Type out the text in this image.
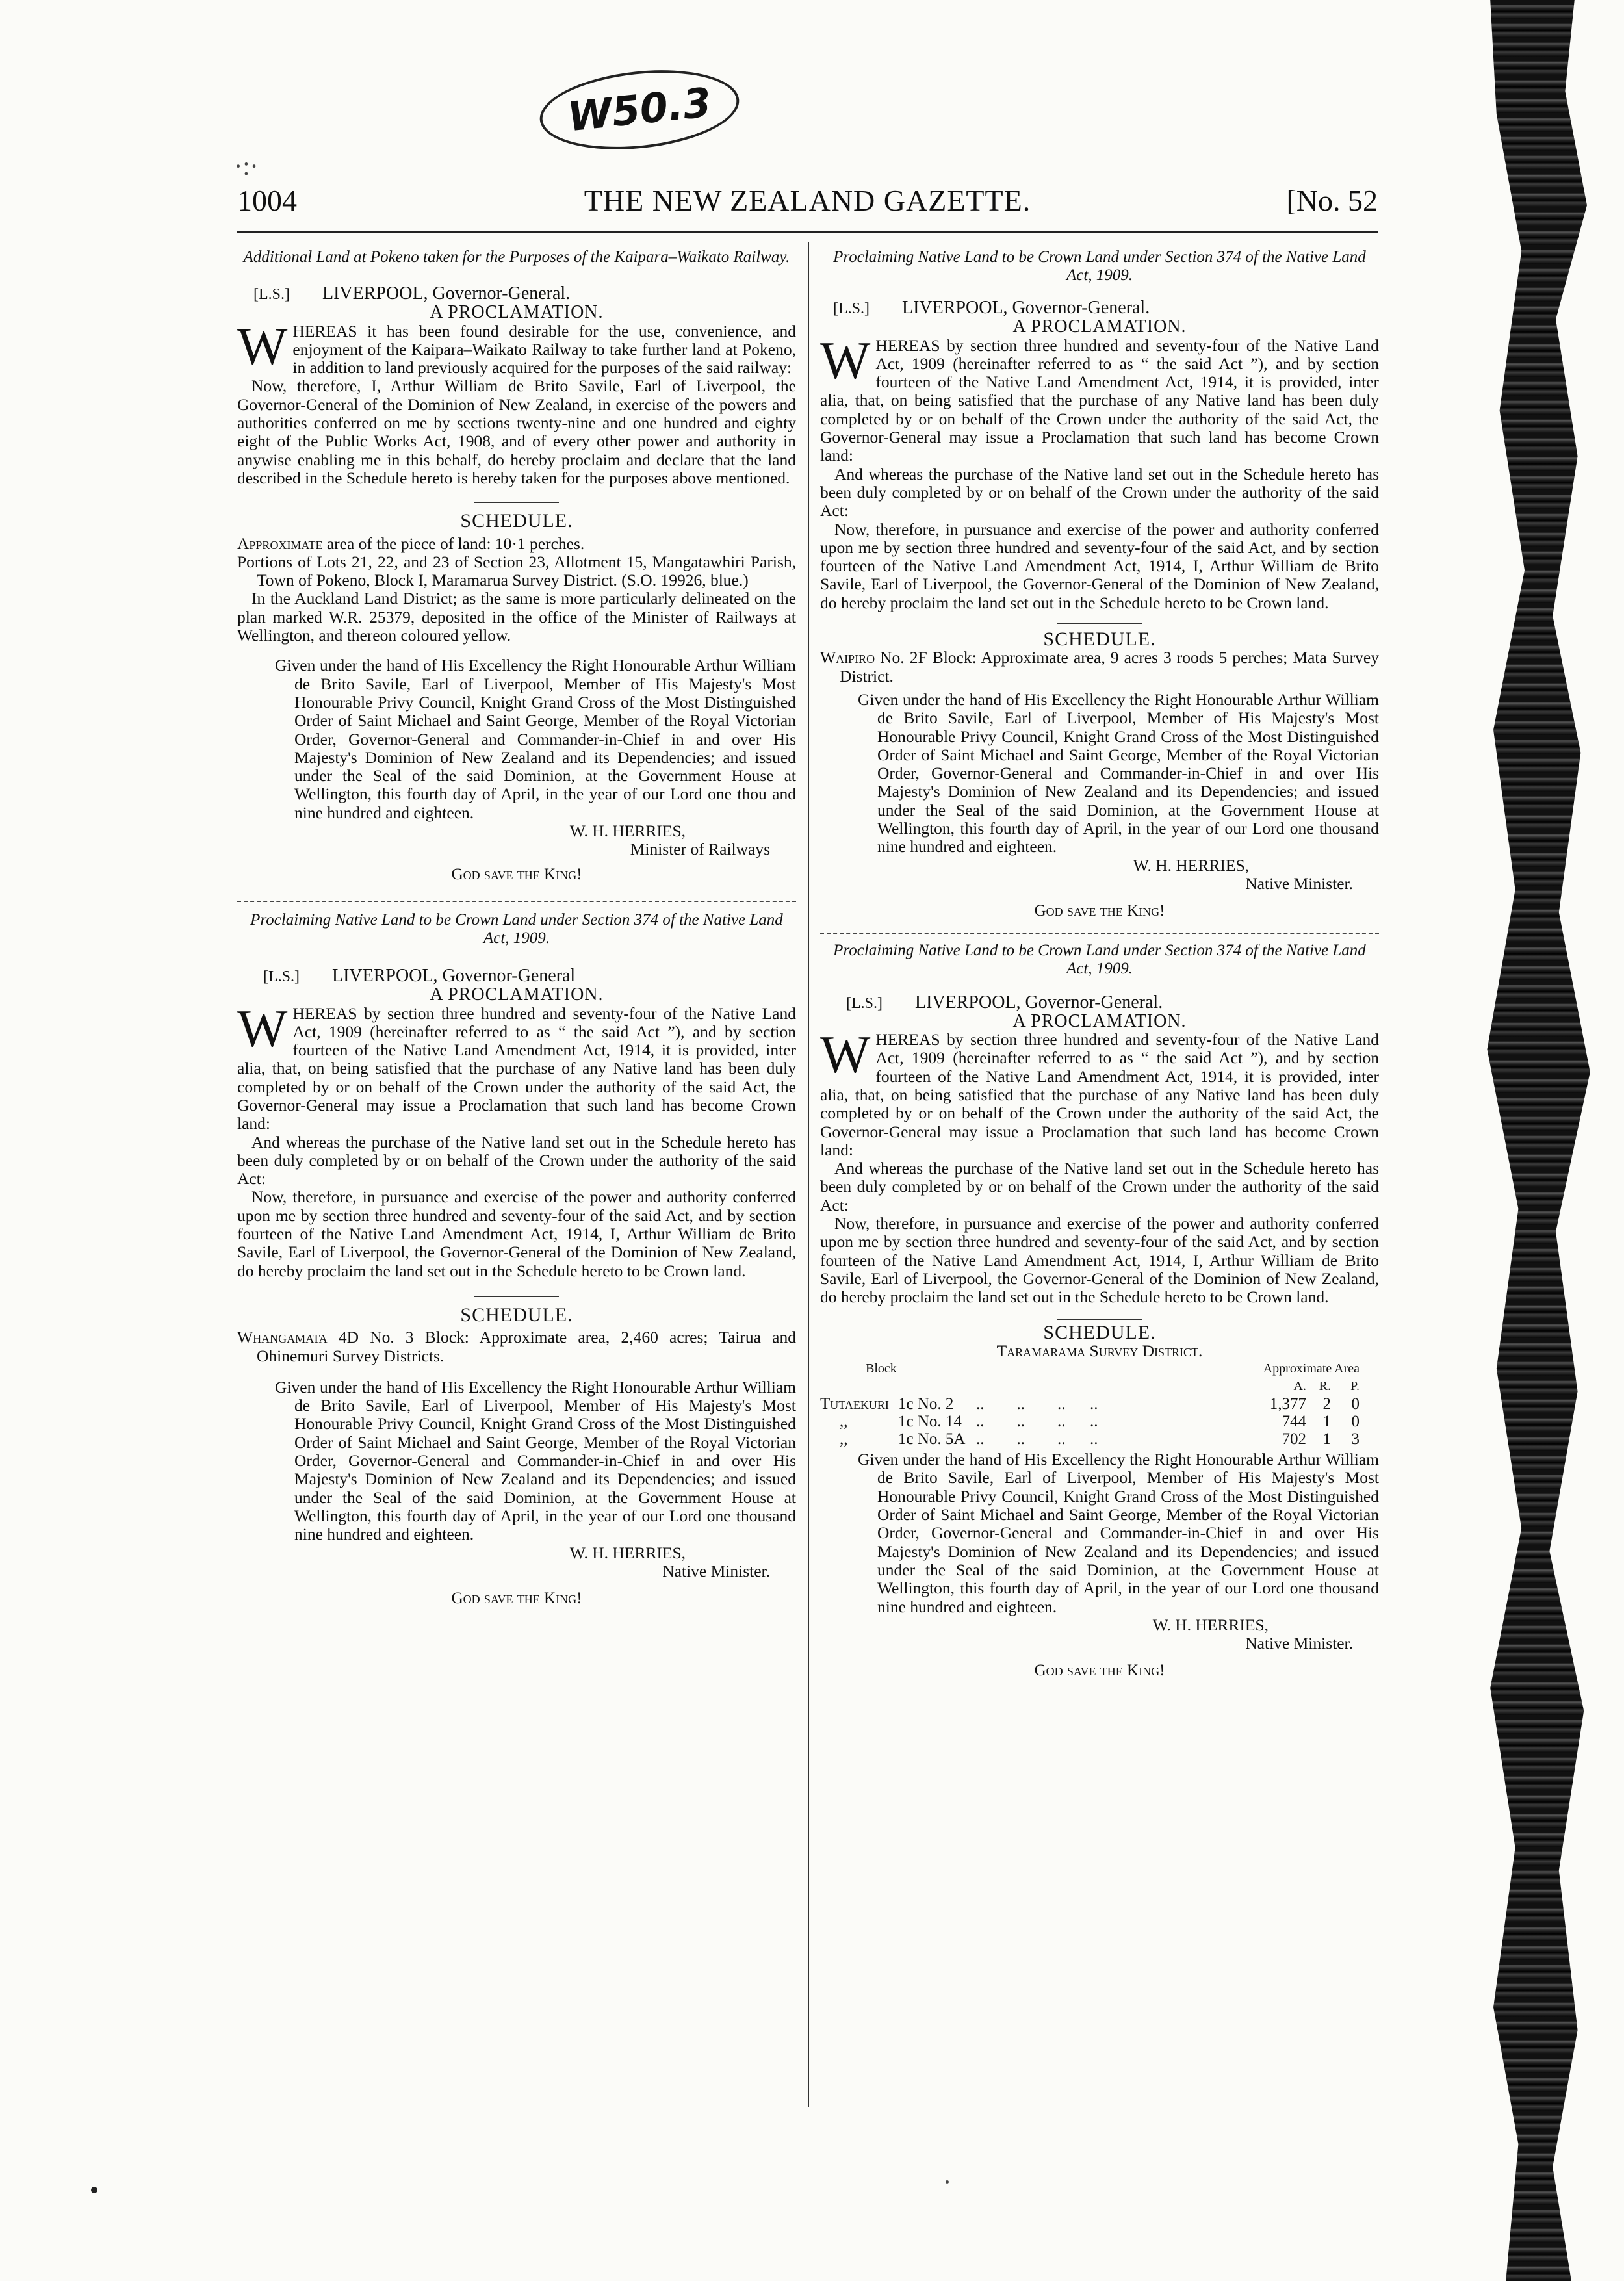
W50.3
·:·
1004	THE NEW ZEALAND GAZETTE.	[No. 52

Additional Land at Pokeno taken for the Purposes of the Kaipara–Waikato Railway.

[L.S.] LIVERPOOL, Governor-General.

A PROCLAMATION.

WHEREAS it has been found desirable for the use, convenience, and enjoyment of the Kaipara–Waikato Railway to take further land at Pokeno, in addition to land previously acquired for the purposes of the said railway:

Now, therefore, I, Arthur William de Brito Savile, Earl of Liverpool, the Governor-General of the Dominion of New Zealand, in exercise of the powers and authorities conferred on me by sections twenty-nine and one hundred and eighty eight of the Public Works Act, 1908, and of every other power and authority in anywise enabling me in this behalf, do hereby proclaim and declare that the land described in the Schedule hereto is hereby taken for the purposes above mentioned.

SCHEDULE.

Approximate area of the piece of land: 10·1 perches.

Portions of Lots 21, 22, and 23 of Section 23, Allotment 15, Mangatawhiri Parish, Town of Pokeno, Block I, Maramarua Survey District. (S.O. 19926, blue.)

In the Auckland Land District; as the same is more particularly delineated on the plan marked W.R. 25379, deposited in the office of the Minister of Railways at Wellington, and thereon coloured yellow.

Given under the hand of His Excellency the Right Honourable Arthur William de Brito Savile, Earl of Liverpool, Member of His Majesty's Most Honourable Privy Council, Knight Grand Cross of the Most Distinguished Order of Saint Michael and Saint George, Member of the Royal Victorian Order, Governor-General and Commander-in-Chief in and over His Majesty's Dominion of New Zealand and its Dependencies; and issued under the Seal of the said Dominion, at the Government House at Wellington, this fourth day of April, in the year of our Lord one thou and nine hundred and eighteen.

W. H. HERRIES,

Minister of Railways

God save the King!

Proclaiming Native Land to be Crown Land under Section 374 of the Native Land Act, 1909.

[L.S.] LIVERPOOL, Governor-General

A PROCLAMATION.

WHEREAS by section three hundred and seventy-four of the Native Land Act, 1909 (hereinafter referred to as “ the said Act ”), and by section fourteen of the Native Land Amendment Act, 1914, it is provided, inter alia, that, on being satisfied that the purchase of any Native land has been duly completed by or on behalf of the Crown under the authority of the said Act, the Governor-General may issue a Proclamation that such land has become Crown land:

And whereas the purchase of the Native land set out in the Schedule hereto has been duly completed by or on behalf of the Crown under the authority of the said Act:

Now, therefore, in pursuance and exercise of the power and authority conferred upon me by section three hundred and seventy-four of the said Act, and by section fourteen of the Native Land Amendment Act, 1914, I, Arthur William de Brito Savile, Earl of Liverpool, the Governor-General of the Dominion of New Zealand, do hereby proclaim the land set out in the Schedule hereto to be Crown land.

SCHEDULE.

Whangamata 4D No. 3 Block: Approximate area, 2,460 acres; Tairua and Ohinemuri Survey Districts.

Given under the hand of His Excellency the Right Honourable Arthur William de Brito Savile, Earl of Liverpool, Member of His Majesty's Most Honourable Privy Council, Knight Grand Cross of the Most Distinguished Order of Saint Michael and Saint George, Member of the Royal Victorian Order, Governor-General and Commander-in-Chief in and over His Majesty's Dominion of New Zealand and its Dependencies; and issued under the Seal of the said Dominion, at the Government House at Wellington, this fourth day of April, in the year of our Lord one thousand nine hundred and eighteen.

W. H. HERRIES,

Native Minister.

God save the King!

Proclaiming Native Land to be Crown Land under Section 374 of the Native Land Act, 1909.

[L.S.] LIVERPOOL, Governor-General.

A PROCLAMATION.

WHEREAS by section three hundred and seventy-four of the Native Land Act, 1909 (hereinafter referred to as “ the said Act ”), and by section fourteen of the Native Land Amendment Act, 1914, it is provided, inter alia, that, on being satisfied that the purchase of any Native land has been duly completed by or on behalf of the Crown under the authority of the said Act, the Governor-General may issue a Proclamation that such land has become Crown land:

And whereas the purchase of the Native land set out in the Schedule hereto has been duly completed by or on behalf of the Crown under the authority of the said Act:

Now, therefore, in pursuance and exercise of the power and authority conferred upon me by section three hundred and seventy-four of the said Act, and by section fourteen of the Native Land Amendment Act, 1914, I, Arthur William de Brito Savile, Earl of Liverpool, the Governor-General of the Dominion of New Zealand, do hereby proclaim the land set out in the Schedule hereto to be Crown land.

SCHEDULE.

Waipiro No. 2F Block: Approximate area, 9 acres 3 roods 5 perches; Mata Survey District.

Given under the hand of His Excellency the Right Honourable Arthur William de Brito Savile, Earl of Liverpool, Member of His Majesty's Most Honourable Privy Council, Knight Grand Cross of the Most Distinguished Order of Saint Michael and Saint George, Member of the Royal Victorian Order, Governor-General and Commander-in-Chief in and over His Majesty's Dominion of New Zealand and its Dependencies; and issued under the Seal of the said Dominion, at the Government House at Wellington, this fourth day of April, in the year of our Lord one thousand nine hundred and eighteen.

W. H. HERRIES,

Native Minister.

God save the King!

Proclaiming Native Land to be Crown Land under Section 374 of the Native Land Act, 1909.

[L.S.] LIVERPOOL, Governor-General.

A PROCLAMATION.

WHEREAS by section three hundred and seventy-four of the Native Land Act, 1909 (hereinafter referred to as “ the said Act ”), and by section fourteen of the Native Land Amendment Act, 1914, it is provided, inter alia, that, on being satisfied that the purchase of any Native land has been duly completed by or on behalf of the Crown under the authority of the said Act, the Governor-General may issue a Proclamation that such land has become Crown land:

And whereas the purchase of the Native land set out in the Schedule hereto has been duly completed by or on behalf of the Crown under the authority of the said Act:

Now, therefore, in pursuance and exercise of the power and authority conferred upon me by section three hundred and seventy-four of the said Act, and by section fourteen of the Native Land Amendment Act, 1914, I, Arthur William de Brito Savile, Earl of Liverpool, the Governor-General of the Dominion of New Zealand, do hereby proclaim the land set out in the Schedule hereto to be Crown land.

SCHEDULE.

Taramarama Survey District.

Block			Approximate Area		
			A.	R.	P.
Tutaekuri	1c No. 2	..        ..        ..      ..	1,377	2	0
,,	1c No. 14	..        ..        ..      ..	744	1	0
,,	1c No. 5A	..        ..        ..      ..	702	1	3

Given under the hand of His Excellency the Right Honourable Arthur William de Brito Savile, Earl of Liverpool, Member of His Majesty's Most Honourable Privy Council, Knight Grand Cross of the Most Distinguished Order of Saint Michael and Saint George, Member of the Royal Victorian Order, Governor-General and Commander-in-Chief in and over His Majesty's Dominion of New Zealand and its Dependencies; and issued under the Seal of the said Dominion, at the Government House at Wellington, this fourth day of April, in the year of our Lord one thousand nine hundred and eighteen.

W. H. HERRIES,

Native Minister.

God save the King!
